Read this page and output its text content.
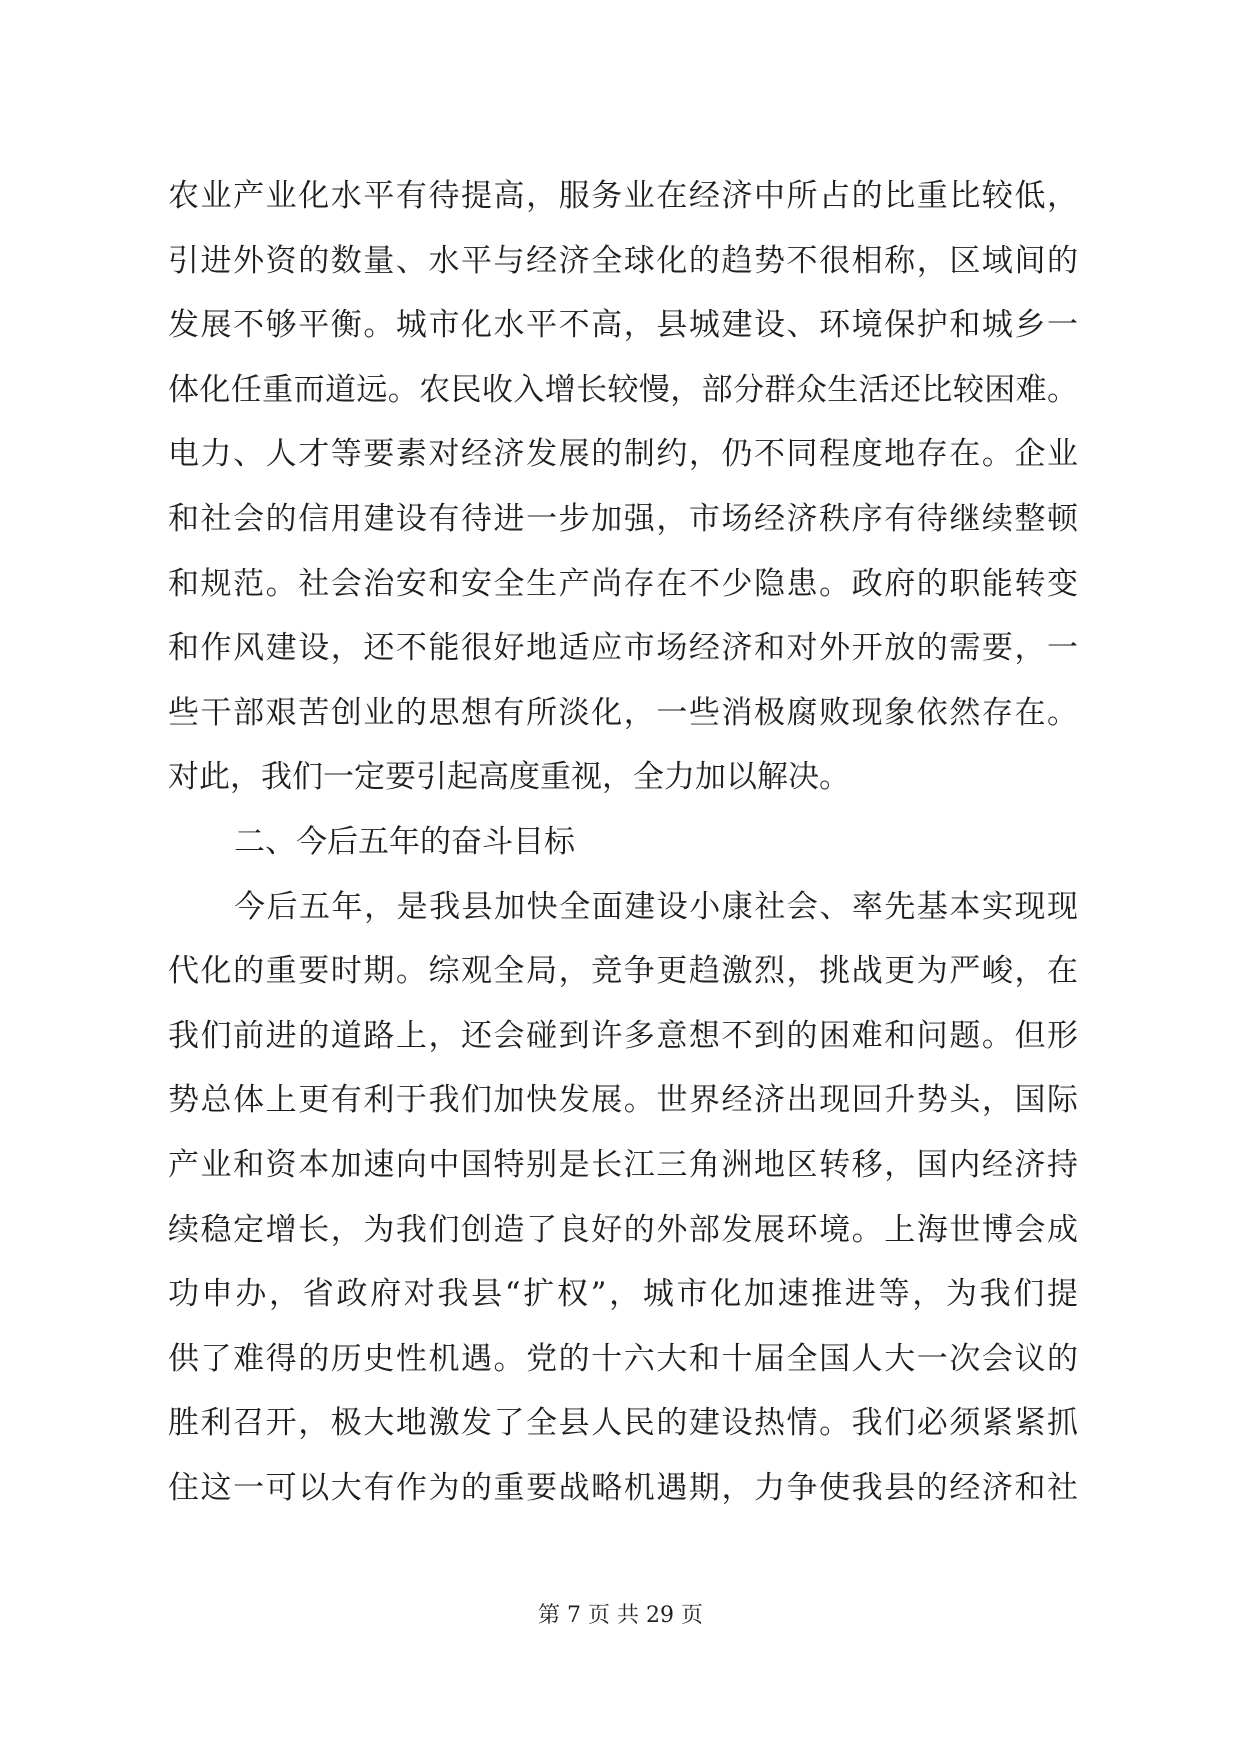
农业产业化水平有待提高，服务业在经济中所占的比重比较低，
引进外资的数量、水平与经济全球化的趋势不很相称，区域间的
发展不够平衡。城市化水平不高，县城建设、环境保护和城乡一
体化任重而道远。农民收入增长较慢，部分群众生活还比较困难。
电力、人才等要素对经济发展的制约，仍不同程度地存在。企业
和社会的信用建设有待进一步加强，市场经济秩序有待继续整顿
和规范。社会治安和安全生产尚存在不少隐患。政府的职能转变
和作风建设，还不能很好地适应市场经济和对外开放的需要，一
些干部艰苦创业的思想有所淡化，一些消极腐败现象依然存在。
对此，我们一定要引起高度重视，全力加以解决。
二、今后五年的奋斗目标
今后五年，是我县加快全面建设小康社会、率先基本实现现
代化的重要时期。综观全局，竞争更趋激烈，挑战更为严峻，在
我们前进的道路上，还会碰到许多意想不到的困难和问题。但形
势总体上更有利于我们加快发展。世界经济出现回升势头，国际
产业和资本加速向中国特别是长江三角洲地区转移，国内经济持
续稳定增长，为我们创造了良好的外部发展环境。上海世博会成
功申办，省政府对我县“扩权”，城市化加速推进等，为我们提
供了难得的历史性机遇。党的十六大和十届全国人大一次会议的
胜利召开，极大地激发了全县人民的建设热情。我们必须紧紧抓
住这一可以大有作为的重要战略机遇期，力争使我县的经济和社
第 7 页 共 29 页
